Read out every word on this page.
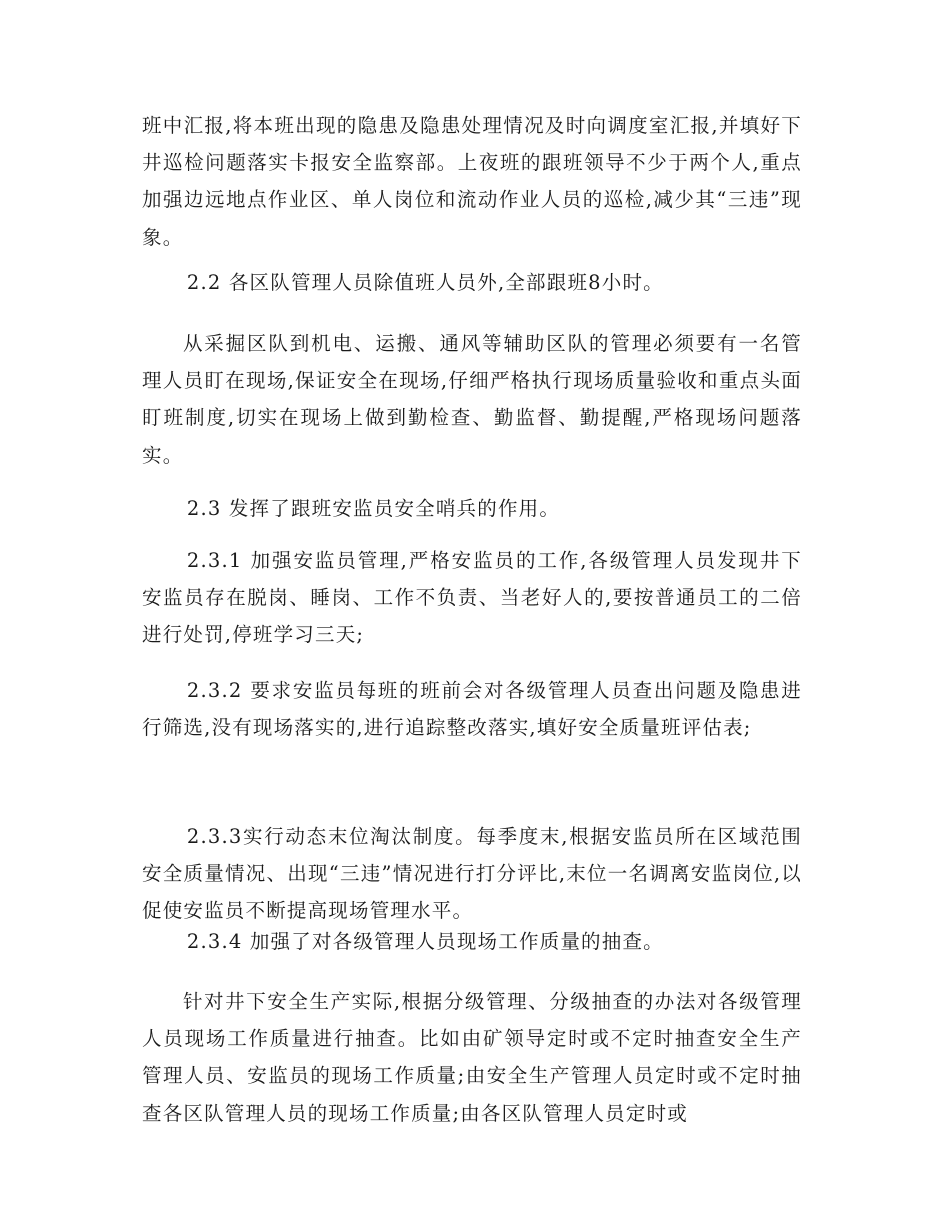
班中汇报,将本班出现的隐患及隐患处理情况及时向调度室汇报,并填好下井巡检问题落实卡报安全监察部。上夜班的跟班领导不少于两个人,重点加强边远地点作业区、单人岗位和流动作业人员的巡检,减少其“三违”现象。

2.2 各区队管理人员除值班人员外,全部跟班8小时。

从采掘区队到机电、运搬、通风等辅助区队的管理必须要有一名管理人员盯在现场,保证安全在现场,仔细严格执行现场质量验收和重点头面盯班制度,切实在现场上做到勤检查、勤监督、勤提醒,严格现场问题落实。

2.3 发挥了跟班安监员安全哨兵的作用。

2.3.1 加强安监员管理,严格安监员的工作,各级管理人员发现井下安监员存在脱岗、睡岗、工作不负责、当老好人的,要按普通员工的二倍进行处罚,停班学习三天;

2.3.2 要求安监员每班的班前会对各级管理人员查出问题及隐患进行筛选,没有现场落实的,进行追踪整改落实,填好安全质量班评估表;

2.3.3实行动态末位淘汰制度。每季度末,根据安监员所在区域范围安全质量情况、出现“三违”情况进行打分评比,末位一名调离安监岗位,以促使安监员不断提高现场管理水平。

2.3.4 加强了对各级管理人员现场工作质量的抽查。

针对井下安全生产实际,根据分级管理、分级抽查的办法对各级管理人员现场工作质量进行抽查。比如由矿领导定时或不定时抽查安全生产管理人员、安监员的现场工作质量;由安全生产管理人员定时或不定时抽查各区队管理人员的现场工作质量;由各区队管理人员定时或
